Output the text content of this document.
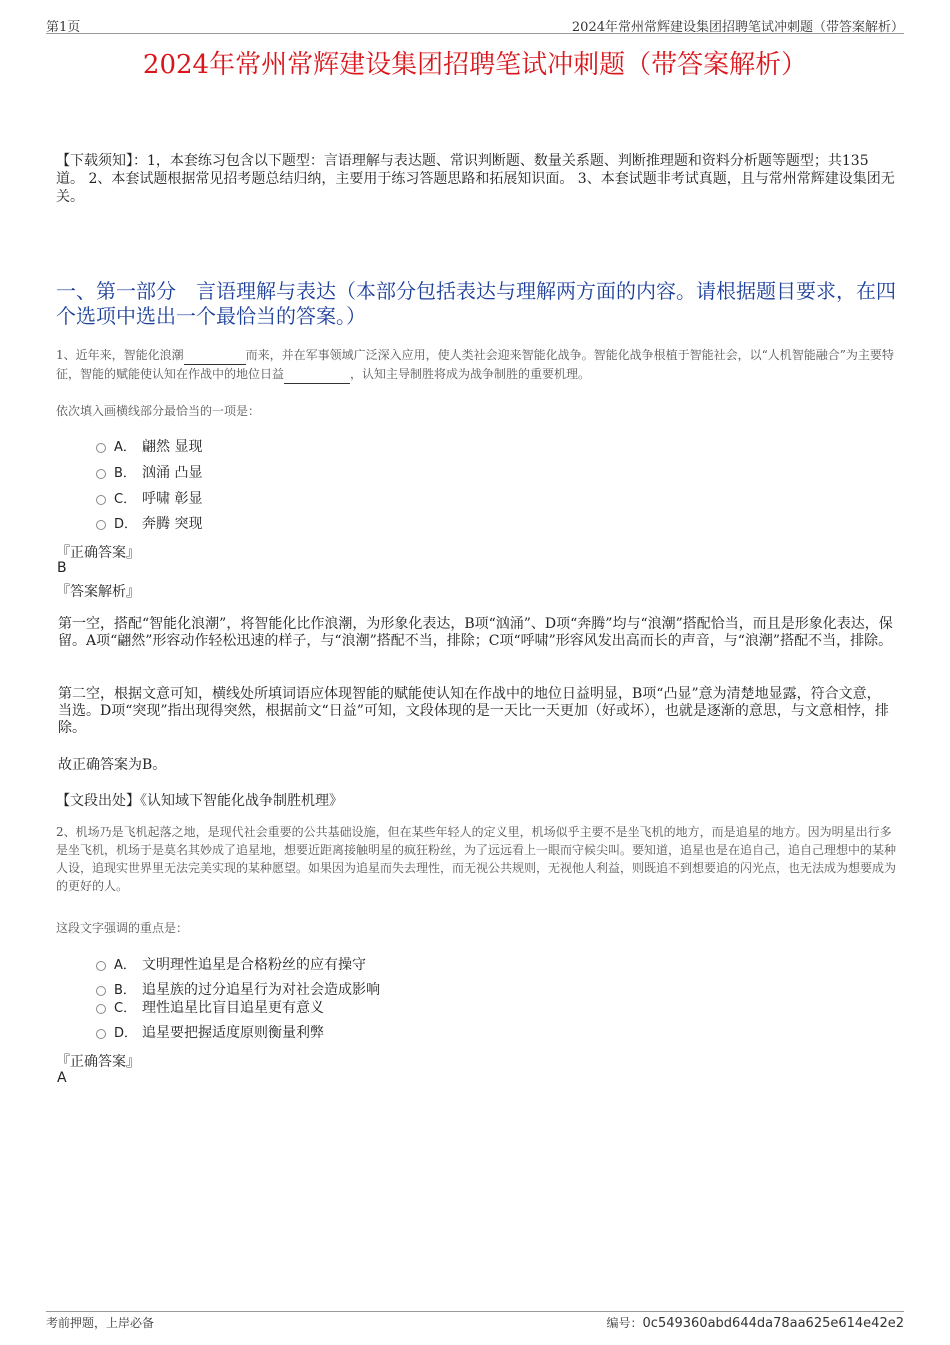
第1页	2024年常州常辉建设集团招聘笔试冲刺题（带答案解析）
2024年常州常辉建设集团招聘笔试冲刺题（带答案解析）
【下载须知】：1，本套练习包含以下题型：言语理解与表达题、常识判断题、数量关系题、判断推理题和资料分析题等题型；共135道。 2、本套试题根据常见招考题总结归纳，主要用于练习答题思路和拓展知识面。 3、本套试题非考试真题，且与常州常辉建设集团无关。
一、第一部分　言语理解与表达（本部分包括表达与理解两方面的内容。请根据题目要求，在四个选项中选出一个最恰当的答案。）
1、近年来，智能化浪潮	而来，并在军事领域广泛深入应用，使人类社会迎来智能化战争。智能化战争根植于智能社会，以“人机智能融合”为主要特征，智能的赋能使认知在作战中的地位日益	，认知主导制胜将成为战争制胜的重要机理。
依次填入画横线部分最恰当的一项是：
A． 翩然 显现
B． 汹涌 凸显
C． 呼啸 彰显
D． 奔腾 突现
『正确答案』
B
『答案解析』
第一空，搭配“智能化浪潮”，将智能化比作浪潮，为形象化表达，B项“汹涌”、D项“奔腾”均与“浪潮”搭配恰当，而且是形象化表达，保留。A项“翩然”形容动作轻松迅速的样子，与“浪潮”搭配不当，排除；C项“呼啸”形容风发出高而长的声音，与“浪潮”搭配不当，排除。
第二空，根据文意可知，横线处所填词语应体现智能的赋能使认知在作战中的地位日益明显，B项“凸显”意为清楚地显露，符合文意，当选。D项“突现”指出现得突然，根据前文“日益”可知，文段体现的是一天比一天更加（好或坏），也就是逐渐的意思，与文意相悖，排除。
故正确答案为B。
【文段出处】《认知域下智能化战争制胜机理》
2、机场乃是飞机起落之地，是现代社会重要的公共基础设施，但在某些年轻人的定义里，机场似乎主要不是坐飞机的地方，而是追星的地方。因为明星出行多是坐飞机，机场于是莫名其妙成了追星地，想要近距离接触明星的疯狂粉丝，为了远远看上一眼而守候尖叫。要知道，追星也是在追自己，追自己理想中的某种人设，追现实世界里无法完美实现的某种愿望。如果因为追星而失去理性，而无视公共规则，无视他人利益，则既追不到想要追的闪光点，也无法成为想要成为的更好的人。
这段文字强调的重点是：
A． 文明理性追星是合格粉丝的应有操守
B． 追星族的过分追星行为对社会造成影响
C． 理性追星比盲目追星更有意义
D． 追星要把握适度原则衡量利弊
『正确答案』
A
考前押题，上岸必备	编号：0c549360abd644da78aa625e614e42e2
